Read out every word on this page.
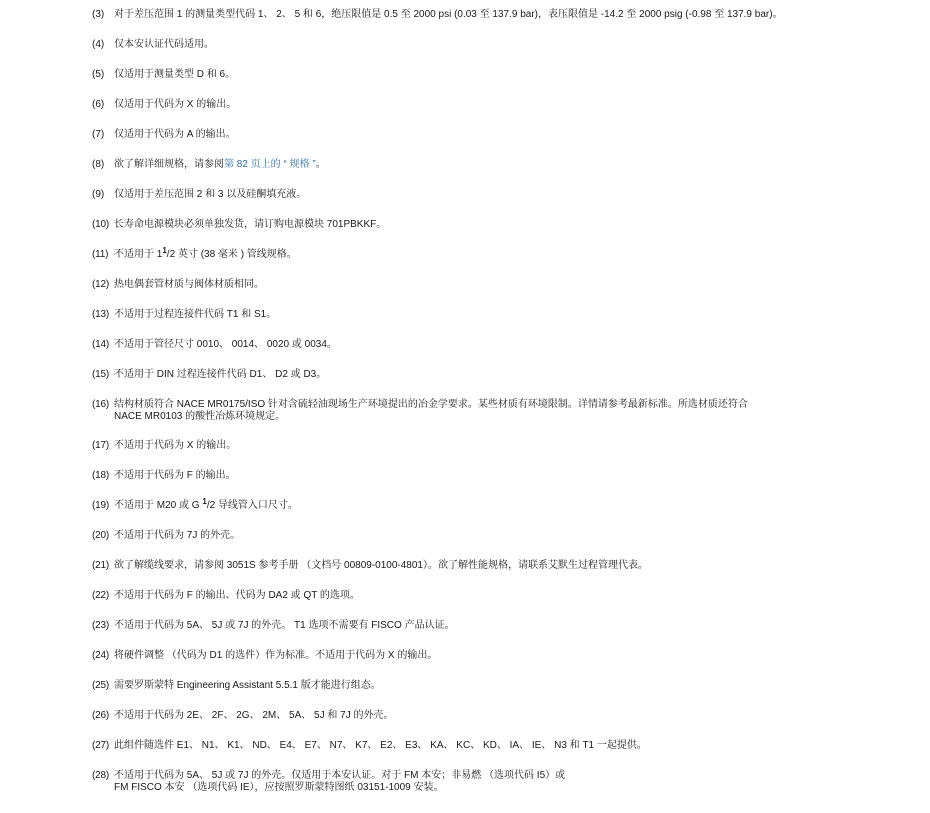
(3) 对于差压范围 1 的测量类型代码 1、 2、 5 和 6，绝压限值是 0.5 至 2000 psi (0.03 至 137.9 bar)，表压限值是 -14.2 至 2000 psig (-0.98 至 137.9 bar)。
(4) 仅本安认证代码适用。
(5) 仅适用于测量类型 D 和 6。
(6) 仅适用于代码为 X 的输出。
(7) 仅适用于代码为 A 的输出。
(8) 欲了解详细规格，请参阅第 82 页上的 “ 规格 ”。
(9) 仅适用于差压范围 2 和 3 以及硅酮填充液。
(10) 长寿命电源模块必须单独发货，请订购电源模块 701PBKKF。
(11) 不适用于 $1^1/2$ 英寸 (38 毫米 ) 管线规格。
(12) 热电偶套管材质与阀体材质相同。
(13) 不适用于过程连接件代码 T1 和 S1。
(14) 不适用于管径尺寸 0010、 0014、 0020 或 0034。
(15) 不适用于 DIN 过程连接件代码 D1、 D2 或 D3。
(16) 结构材质符合 NACE MR0175/ISO 针对含硫轻油现场生产环境提出的冶金学要求。某些材质有环境限制。详情请参考最新标准。所选材质还符合
NACE MR0103 的酸性冶炼环境规定。
(17) 不适用于代码为 X 的输出。
(18) 不适用于代码为 F 的输出。
(19) 不适用于 M20 或 G $^1$/2 导线管入口尺寸。
(20) 不适用于代码为 7J 的外壳。
(21) 欲了解缆线要求，请参阅 3051S 参考手册 （文档号 00809-0100-4801）。欲了解性能规格，请联系艾默生过程管理代表。
(22) 不适用于代码为 F 的输出、代码为 DA2 或 QT 的选项。
(23) 不适用于代码为 5A、 5J 或 7J 的外壳。 T1 选项不需要有 FISCO 产品认证。
(24) 将硬件调整 （代码为 D1 的选件）作为标准。不适用于代码为 X 的输出。
(25) 需要罗斯蒙特 Engineering Assistant 5.5.1 版才能进行组态。
(26) 不适用于代码为 2E、 2F、 2G、 2M、 5A、 5J 和 7J 的外壳。
(27) 此组件随选件 E1、 N1、 K1、 ND、 E4、 E7、 N7、 K7、 E2、 E3、 KA、 KC、 KD、 IA、 IE、 N3 和 T1 一起提供。
(28) 不适用于代码为 5A、 5J 或 7J 的外壳。仅适用于本安认证。对于 FM 本安；非易燃 （选项代码 I5）或
FM FISCO 本安 （选项代码 IE），应按照罗斯蒙特图纸 03151-1009 安装。
